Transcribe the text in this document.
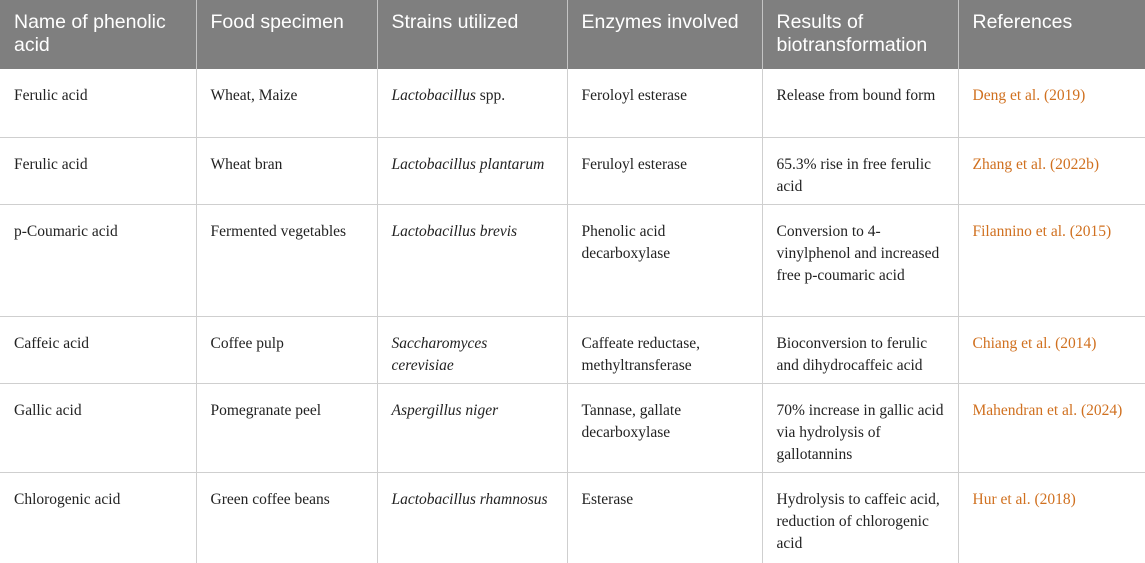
Name of phenolic acid	Food specimen	Strains utilized	Enzymes involved	Results of biotransformation	References
Ferulic acid	Wheat, Maize	Lactobacillus spp.	Feroloyl esterase	Release from bound form	Deng et al. (2019)
Ferulic acid	Wheat bran	Lactobacillus plantarum	Feruloyl esterase	65.3% rise in free ferulic acid	Zhang et al. (2022b)
p-Coumaric acid	Fermented vegetables	Lactobacillus brevis	Phenolic acid decarboxylase	Conversion to 4-vinylphenol and increased free p-coumaric acid	Filannino et al. (2015)
Caffeic acid	Coffee pulp	Saccharomyces cerevisiae	Caffeate reductase, methyltransferase	Bioconversion to ferulic and dihydrocaffeic acid	Chiang et al. (2014)
Gallic acid	Pomegranate peel	Aspergillus niger	Tannase, gallate decarboxylase	70% increase in gallic acid via hydrolysis of gallotannins	Mahendran et al. (2024)
Chlorogenic acid	Green coffee beans	Lactobacillus rhamnosus	Esterase	Hydrolysis to caffeic acid, reduction of chlorogenic acid	Hur et al. (2018)
